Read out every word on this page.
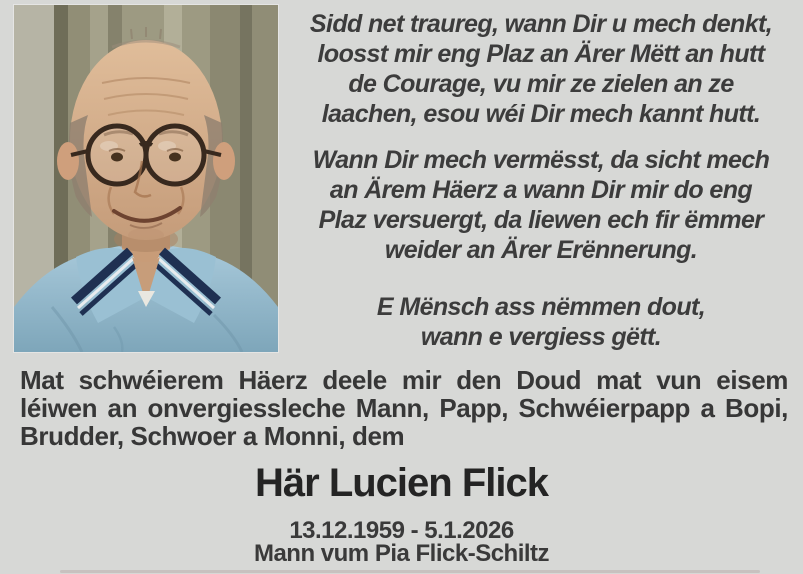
Sidd net traureg, wann Dir u mech denkt,
loosst mir eng Plaz an Ärer Mëtt an hutt
de Courage, vu mir ze zielen an ze
laachen, esou wéi Dir mech kannt hutt.
Wann Dir mech vermësst, da sicht mech
an Ärem Häerz a wann Dir mir do eng
Plaz versuergt, da liewen ech fir ëmmer
weider an Ärer Erënnerung.
E Mënsch ass nëmmen dout,
wann e vergiess gëtt.
Mat schwéierem Häerz deele mir den Doud mat vun eisem
léiwen an onvergiessleche Mann, Papp, Schwéierpapp a Bopi,
Brudder, Schwoer a Monni, dem
Här Lucien Flick
13.12.1959 - 5.1.2026
Mann vum Pia Flick-Schiltz
